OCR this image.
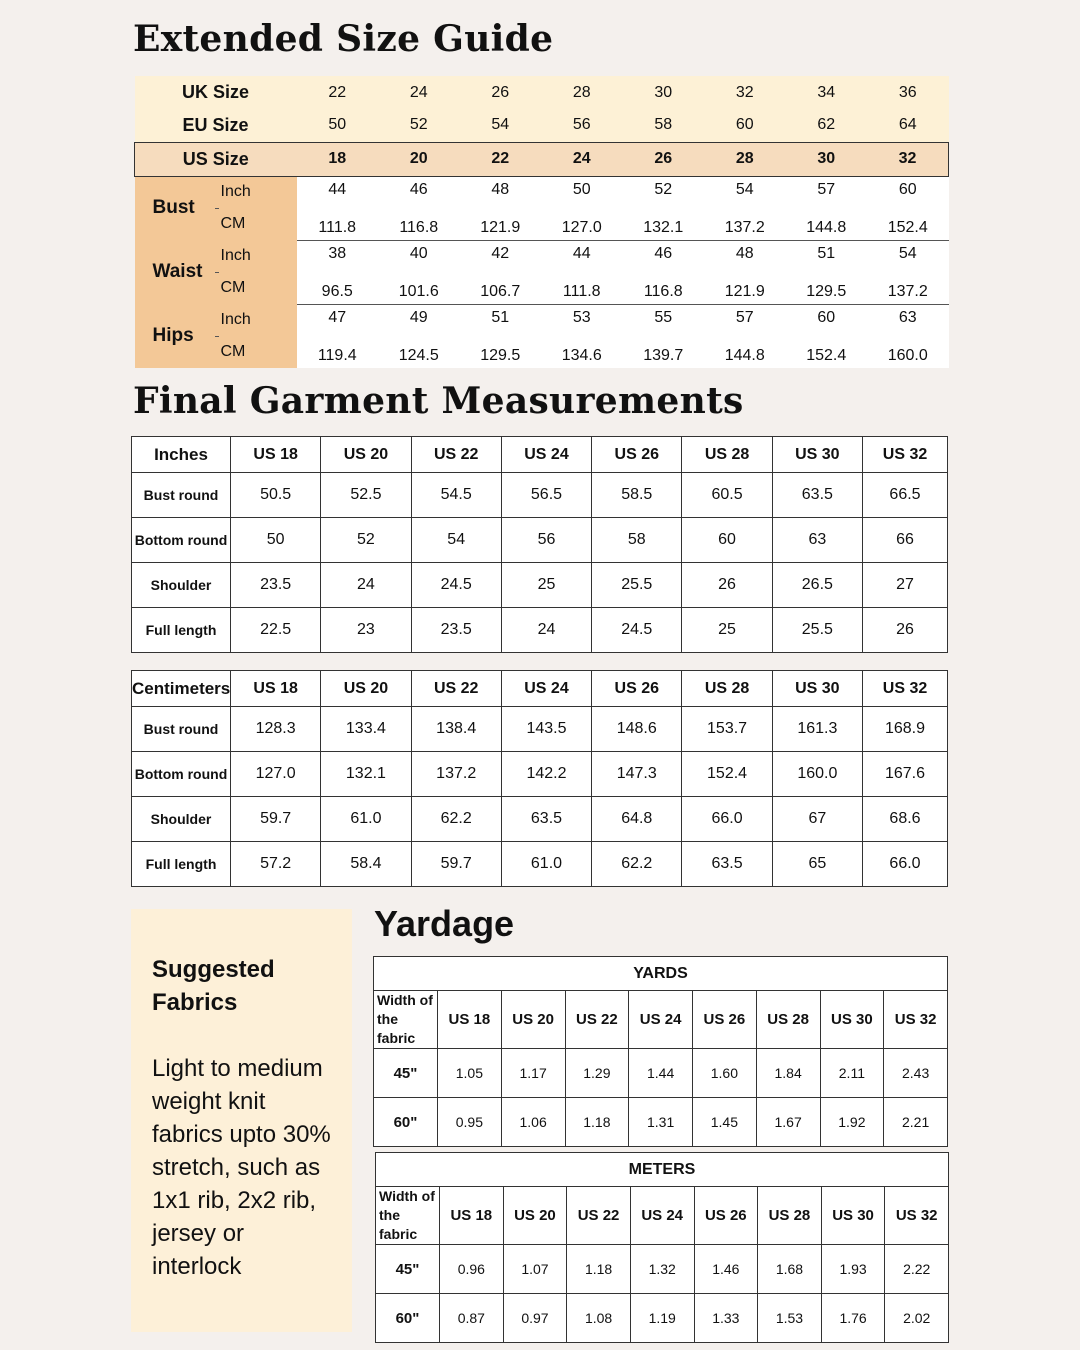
Extended Size Guide
UK Size		22	24	26	28	30	32	34	36
EU Size		50	52	54	56	58	60	62	64
US Size		18	20	22	24	26	28	30	32
Bust	Inch	44	46	48	50	52	54	57	60
	CM	111.8	116.8	121.9	127.0	132.1	137.2	144.8	152.4
Waist	Inch	38	40	42	44	46	48	51	54
	CM	96.5	101.6	106.7	111.8	116.8	121.9	129.5	137.2
Hips	Inch	47	49	51	53	55	57	60	63
	CM	119.4	124.5	129.5	134.6	139.7	144.8	152.4	160.0
Final Garment Measurements
Inches	US 18	US 20	US 22	US 24	US 26	US 28	US 30	US 32
Bust round	50.5	52.5	54.5	56.5	58.5	60.5	63.5	66.5
Bottom round	50	52	54	56	58	60	63	66
Shoulder	23.5	24	24.5	25	25.5	26	26.5	27
Full length	22.5	23	23.5	24	24.5	25	25.5	26
Centimeters	US 18	US 20	US 22	US 24	US 26	US 28	US 30	US 32
Bust round	128.3	133.4	138.4	143.5	148.6	153.7	161.3	168.9
Bottom round	127.0	132.1	137.2	142.2	147.3	152.4	160.0	167.6
Shoulder	59.7	61.0	62.2	63.5	64.8	66.0	67	68.6
Full length	57.2	58.4	59.7	61.0	62.2	63.5	65	66.0
Suggested
Fabrics
Light to medium weight knit fabrics upto 30% stretch, such as 1x1 rib, 2x2 rib, jersey or interlock
Yardage
YARDS								
Width of the fabric	US 18	US 20	US 22	US 24	US 26	US 28	US 30	US 32
45"	1.05	1.17	1.29	1.44	1.60	1.84	2.11	2.43
60"	0.95	1.06	1.18	1.31	1.45	1.67	1.92	2.21
METERS								
Width of the fabric	US 18	US 20	US 22	US 24	US 26	US 28	US 30	US 32
45"	0.96	1.07	1.18	1.32	1.46	1.68	1.93	2.22
60"	0.87	0.97	1.08	1.19	1.33	1.53	1.76	2.02
